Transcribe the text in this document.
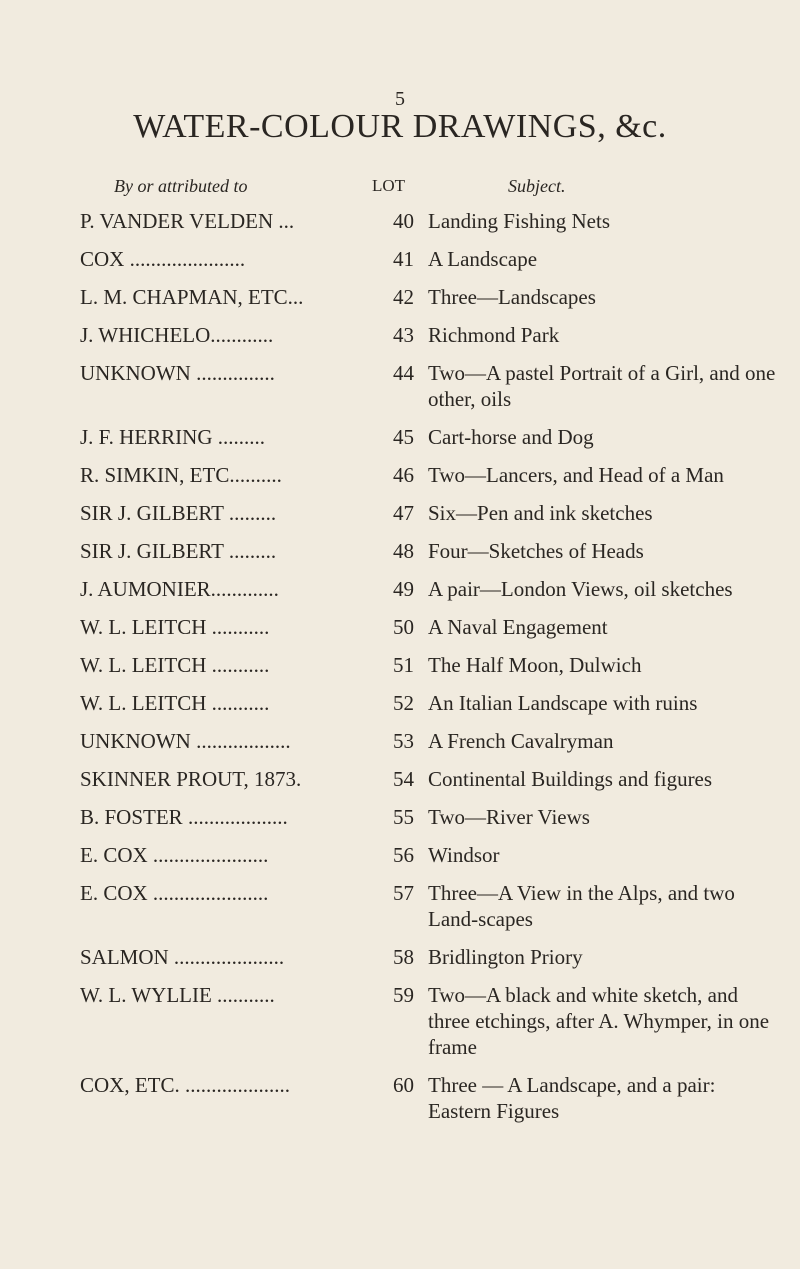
5
WATER-COLOUR DRAWINGS, &c.
By or attributed to	LOT	Subject.
P. VANDER VELDEN ...	40 Landing Fishing Nets
COX ......................	41 A Landscape
L. M. CHAPMAN, ETC...	42 Three—Landscapes
J. WHICHELO............	43 Richmond Park
UNKNOWN ...............	44 Two—A pastel Portrait of a Girl, and one other, oils
J. F. HERRING .........	45 Cart-horse and Dog
R. SIMKIN, ETC..........	46 Two—Lancers, and Head of a Man
SIR J. GILBERT .........	47 Six—Pen and ink sketches
SIR J. GILBERT .........	48 Four—Sketches of Heads
J. AUMONIER.............	49 A pair—London Views, oil sketches
W. L. LEITCH ...........	50 A Naval Engagement
W. L. LEITCH ...........	51 The Half Moon, Dulwich
W. L. LEITCH ...........	52 An Italian Landscape with ruins
UNKNOWN ..................	53 A French Cavalryman
SKINNER PROUT, 1873.	54 Continental Buildings and figures
B. FOSTER ...................	55 Two—River Views
E. COX ......................	56 Windsor
E. COX ......................	57 Three—A View in the Alps, and two Land-scapes
SALMON .....................	58 Bridlington Priory
W. L. WYLLIE ...........	59 Two—A black and white sketch, and three etchings, after A. Whymper, in one frame
COX, ETC. ....................	60 Three — A Landscape, and a pair: Eastern Figures
